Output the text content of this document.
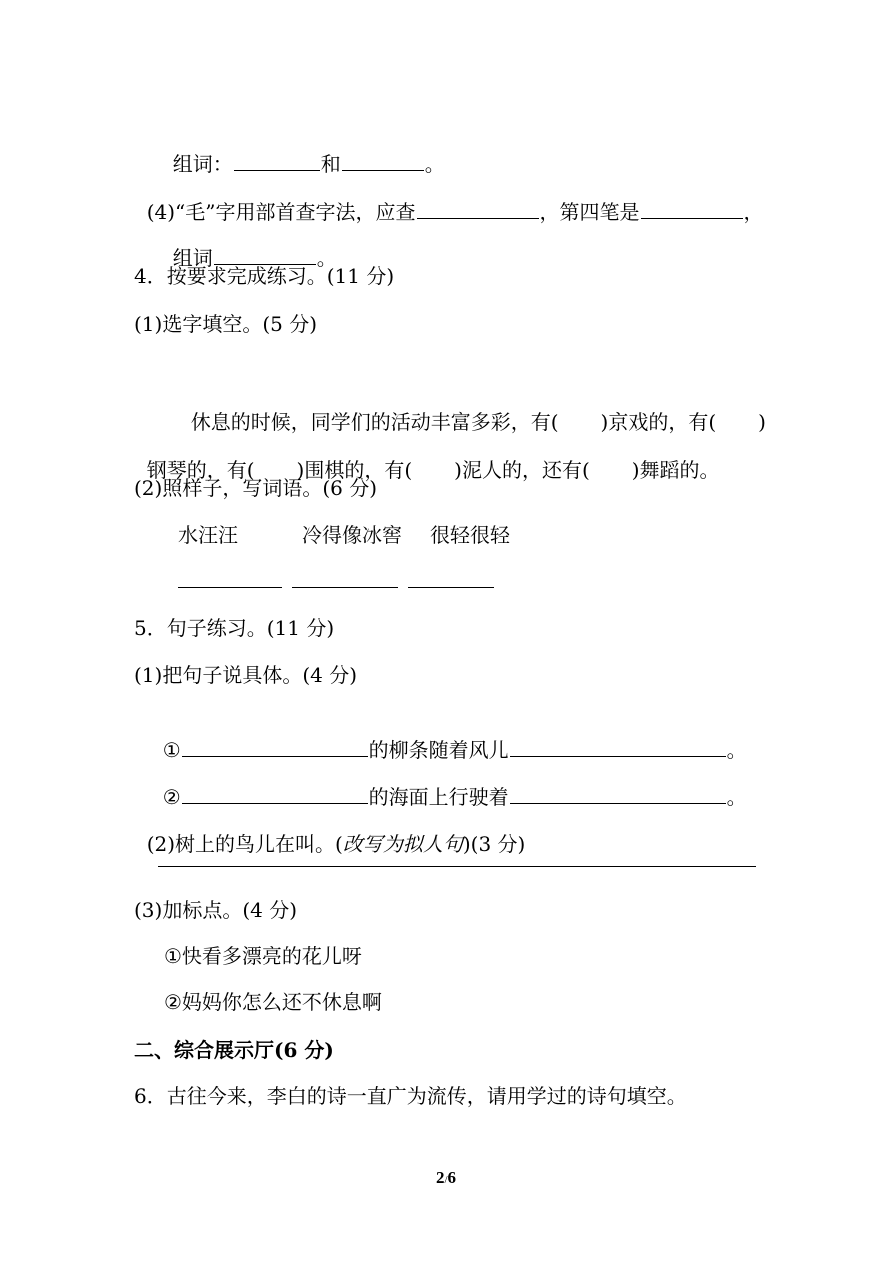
组词：	和	。

(4)“毛”字用部首查字法，应查	，第四笔是	，

组词	。

4．按要求完成练习。(11 分)
(1)选字填空。(5 分)

休息的时候，同学们的活动丰富多彩，有( )京戏的，有( )

钢琴的，有( )围棋的，有( )泥人的，还有( )舞蹈的。

(2)照样子，写词语。(6 分)
水汪汪	冷得像冰窖 很轻很轻
5．句子练习。(11 分)
(1)把句子说具体。(4 分)

①	的柳条随着风儿	。

②	的海面上行驶着	。

(2)树上的鸟儿在叫。(改写为拟人句)(3 分)

(3)加标点。(4 分)
①快看多漂亮的花儿呀
②妈妈你怎么还不休息啊
二、综合展示厅(6 分)
6．古往今来，李白的诗一直广为流传，请用学过的诗句填空。
2/6
